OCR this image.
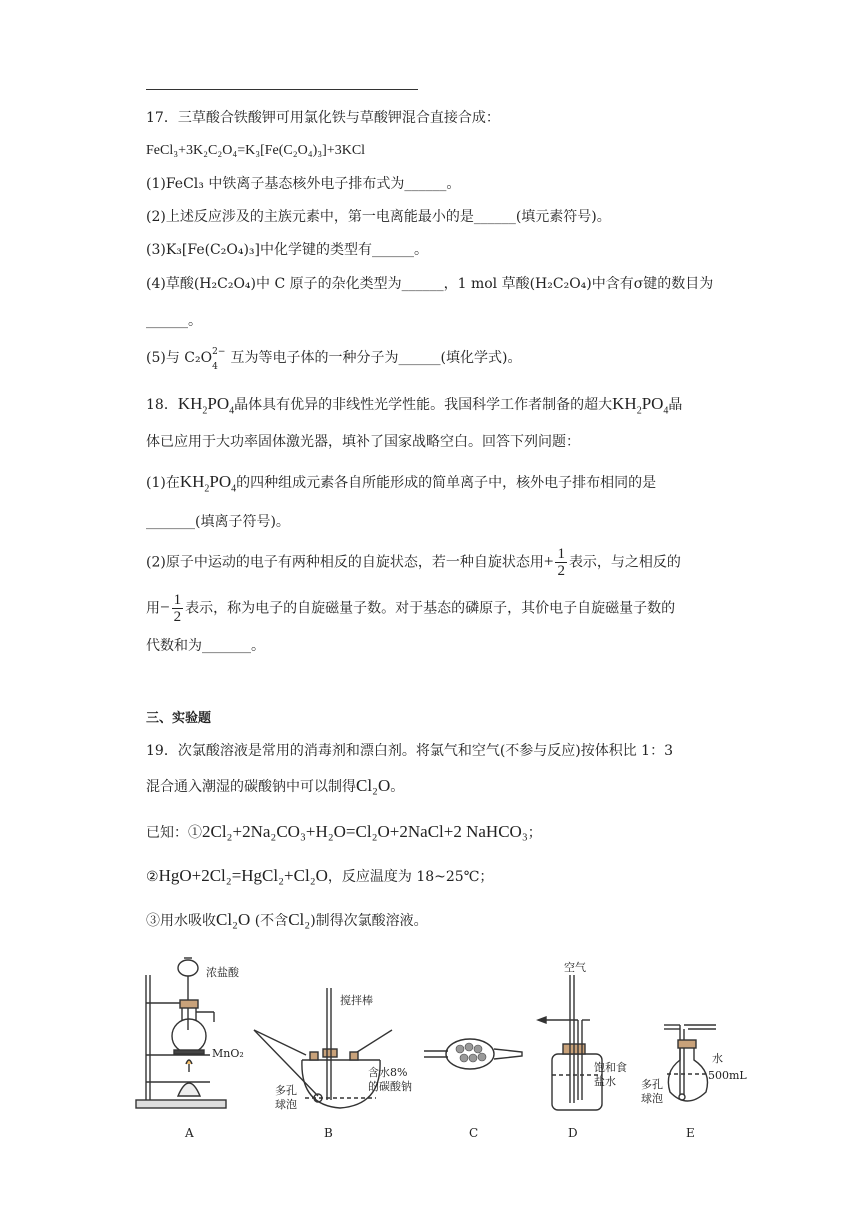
17．三草酸合铁酸钾可用氯化铁与草酸钾混合直接合成：
FeCl₃+3K₂C₂O₄=K₃[Fe(C₂O₄)₃]+3KCl
(1)FeCl₃ 中铁离子基态核外电子排布式为______。
(2)上述反应涉及的主族元素中，第一电离能最小的是______(填元素符号)。
(3)K₃[Fe(C₂O₄)₃]中化学键的类型有______。
(4)草酸(H₂C₂O₄)中 C 原子的杂化类型为______，1 mol 草酸(H₂C₂O₄)中含有σ键的数目为
______。
(5)与 C₂O 2−
4
   互为等电子体的一种分子为______(填化学式)。
18．$KH_2PO_4$晶体具有优异的非线性光学性能。我国科学工作者制备的超大$KH_2PO_4$晶
体已应用于大功率固体激光器，填补了国家战略空白。回答下列问题：
(1)在$KH_2PO_4$的四种组成元素各自所能形成的简单离子中，核外电子排布相同的是
_______(填离子符号)。
(2)原子中运动的电子有两种相反的自旋状态，若一种自旋状态用+ $\frac{1}{2}$ 表示，与之相反的
用− $\frac{1}{2}$ 表示，称为电子的自旋磁量子数。对于基态的磷原子，其价电子自旋磁量子数的
代数和为_______。
三、实验题
19．次氯酸溶液是常用的消毒剂和漂白剂。将氯气和空气(不参与反应)按体积比 1：3
混合通入潮湿的碳酸钠中可以制得Cl₂O。
已知：①2Cl₂+2Na₂CO₃+H₂O=Cl₂O+2NaCl+2 NaHCO₃；
②HgO+2Cl₂=HgCl₂+Cl₂O，反应温度为 18~25℃；
③用水吸收Cl₂O (不含Cl₂)制得次氯酸溶液。
浓盐酸
MnO₂
A
搅拌棒
多孔
球泡
含水8%
的碳酸钠
B	C
空气
饱和食
盐水
D
水
500mL
多孔
球泡
E
